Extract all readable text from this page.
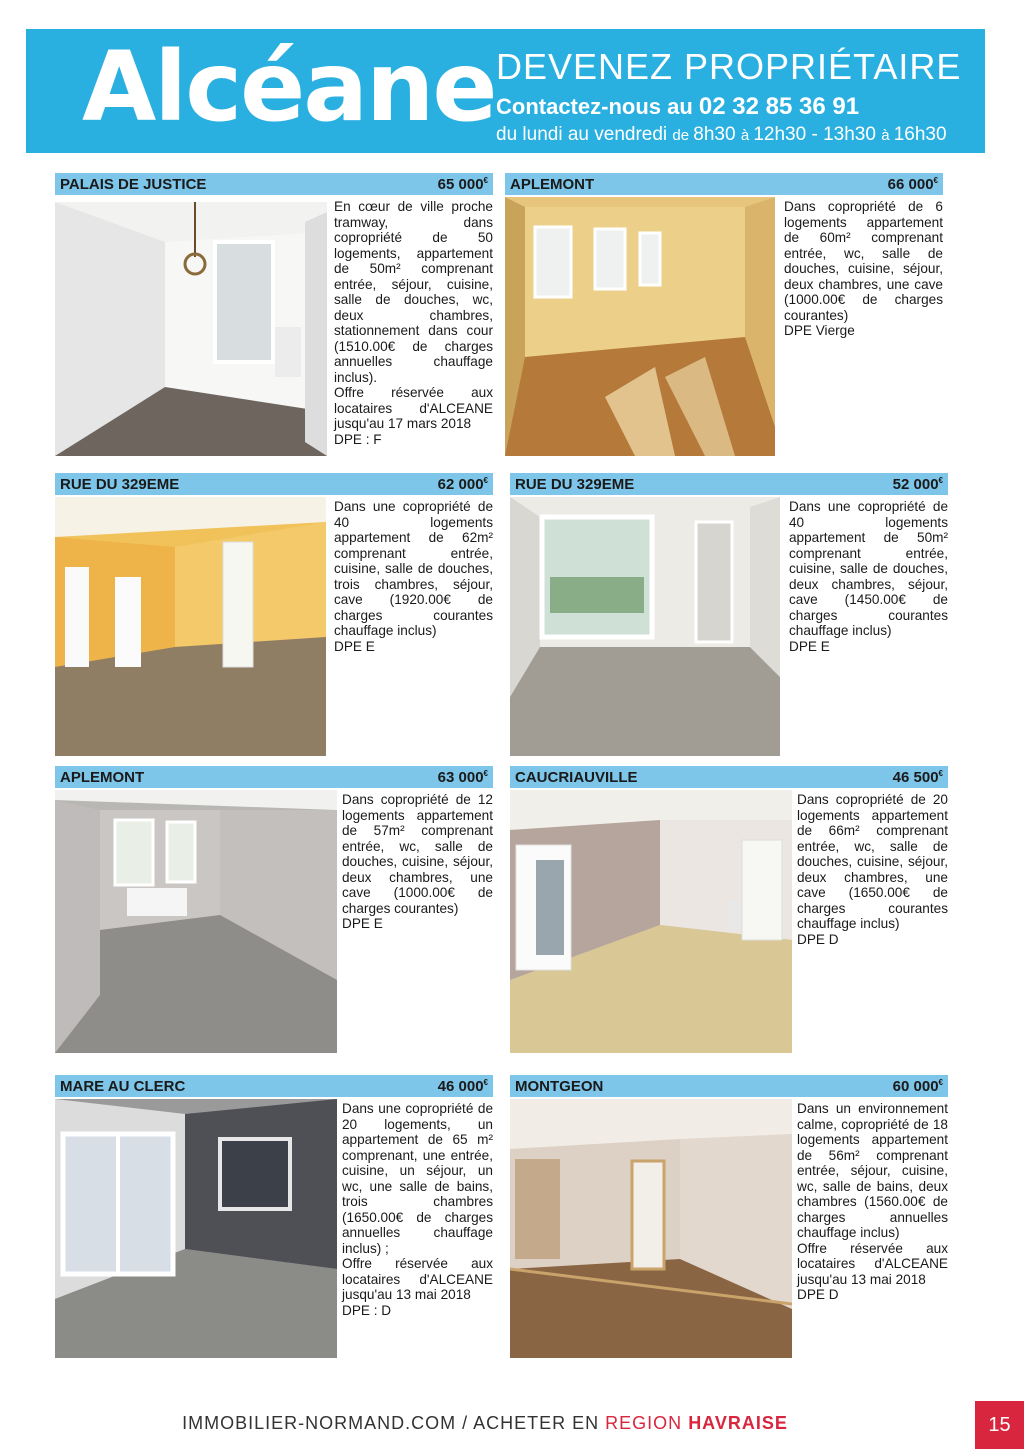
Alcéane DEVENEZ PROPRIÉTAIRE
Contactez-nous au 02 32 85 36 91
du lundi au vendredi de 8h30 à 12h30 - 13h30 à 16h30
PALAIS DE JUSTICE	65 000€
En cœur de ville proche tramway, dans copropriété de 50 logements, appartement de 50m² comprenant entrée, séjour, cuisine, salle de douches, wc, deux chambres, stationnement dans cour (1510.00€ de charges annuelles chauffage inclus).
Offre réservée aux locataires d'ALCEANE jusqu'au 17 mars 2018
DPE : F
APLEMONT	66 000€
Dans copropriété de 6 logements appartement de 60m² comprenant entrée, wc, salle de douches, cuisine, séjour, deux chambres, une cave (1000.00€ de charges courantes)
DPE Vierge
RUE DU 329EME	62 000€
Dans une copropriété de 40 logements appartement de 62m² comprenant entrée, cuisine, salle de douches, trois chambres, séjour, cave (1920.00€ de charges courantes chauffage inclus)
DPE E
RUE DU 329EME	52 000€
Dans une copropriété de 40 logements appartement de 50m² comprenant entrée, cuisine, salle de douches, deux chambres, séjour, cave (1450.00€ de charges courantes chauffage inclus)
DPE E
APLEMONT	63 000€
Dans copropriété de 12 logements appartement de 57m² comprenant entrée, wc, salle de douches, cuisine, séjour, deux chambres, une cave (1000.00€ de charges courantes)
DPE E
CAUCRIAUVILLE	46 500€
Dans copropriété de 20 logements appartement de 66m² comprenant entrée, wc, salle de douches, cuisine, séjour, deux chambres, une cave (1650.00€ de charges courantes chauffage inclus)
DPE D
MARE AU CLERC	46 000€
Dans une copropriété de 20 logements, un appartement de 65 m² comprenant, une entrée, cuisine, un séjour, un wc, une salle de bains, trois chambres (1650.00€ de charges annuelles chauffage inclus) ;
Offre réservée aux locataires d'ALCEANE jusqu'au 13 mai 2018
DPE : D
MONTGEON	60 000€
Dans un environnement calme, copropriété de 18 logements appartement de 56m² comprenant entrée, séjour, cuisine, wc, salle de bains, deux chambres (1560.00€ de charges annuelles chauffage inclus)
Offre réservée aux locataires d'ALCEANE jusqu'au 13 mai 2018
DPE D
IMMOBILIER-NORMAND.COM / ACHETER EN REGION HAVRAISE	15
